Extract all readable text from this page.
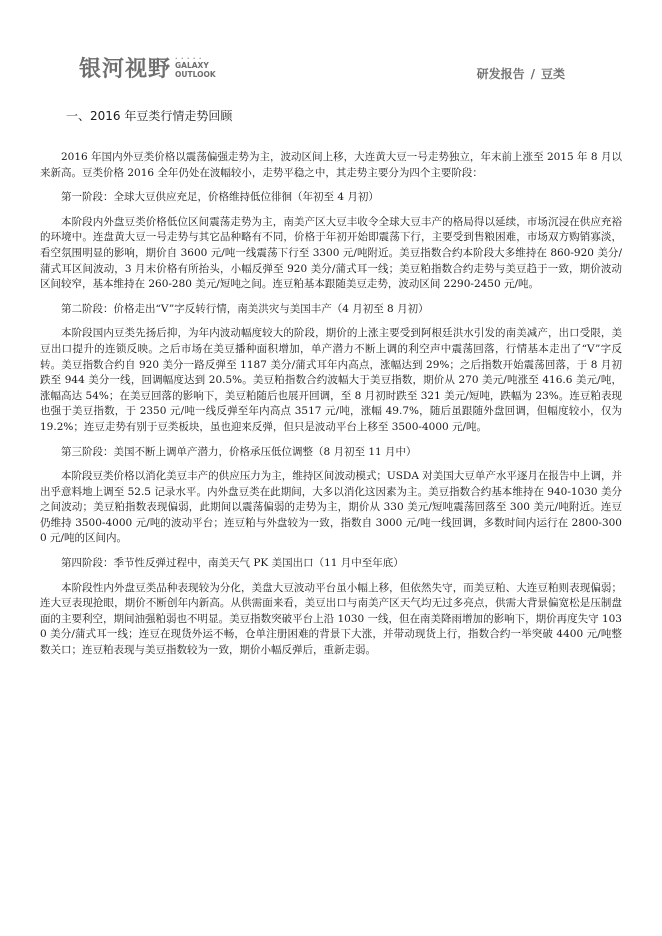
银河视野 • • • • •
GALAXY
OUTLOOK	研发报告 / 豆类
一、2016 年豆类行情走势回顾

2016 年国内外豆类价格以震荡偏强走势为主，波动区间上移，大连黄大豆一号走势独立，年末前上涨至 2015 年 8 月以来新高。豆类价格 2016 全年仍处在波幅较小，走势平稳之中，其走势主要分为四个主要阶段：

第一阶段：全球大豆供应充足，价格维持低位徘徊（年初至 4 月初）

本阶段内外盘豆类价格低位区间震荡走势为主，南美产区大豆丰收令全球大豆丰产的格局得以延续，市场沉浸在供应充裕的环境中。连盘黄大豆一号走势与其它品种略有不同，价格于年初开始即震荡下行，主要受到售粮困难，市场双方购销寡淡，看空氛围明显的影响，期价自 3600 元/吨一线震荡下行至 3300 元/吨附近。美豆指数合约本阶段大多维持在 860-920 美分/蒲式耳区间波动，3 月末价格有所抬头，小幅反弹至 920 美分/蒲式耳一线；美豆粕指数合约走势与美豆趋于一致，期价波动区间较窄，基本维持在 260-280 美元/短吨之间。连豆粕基本跟随美豆走势，波动区间 2290-2450 元/吨。

第二阶段：价格走出“V”字反转行情，南美洪灾与美国丰产（4 月初至 8 月初）

本阶段国内豆类先扬后抑，为年内波动幅度较大的阶段，期价的上涨主要受到阿根廷洪水引发的南美减产，出口受限，美豆出口提升的连锁反映。之后市场在美豆播种面积增加，单产潜力不断上调的利空声中震荡回落，行情基本走出了“V”字反转。美豆指数合约自 920 美分一路反弹至 1187 美分/蒲式耳年内高点，涨幅达到 29%；之后指数开始震荡回落，于 8 月初跌至 944 美分一线，回调幅度达到 20.5%。美豆粕指数合约波幅大于美豆指数，期价从 270 美元/吨涨至 416.6 美元/吨，涨幅高达 54%；在美豆回落的影响下，美豆粕随后也展开回调，至 8 月初时跌至 321 美元/短吨，跌幅为 23%。连豆粕表现也强于美豆指数，于 2350 元/吨一线反弹至年内高点 3517 元/吨，涨幅 49.7%，随后虽跟随外盘回调，但幅度较小，仅为 19.2%；连豆走势有别于豆类板块，虽也迎来反弹，但只是波动平台上移至 3500-4000 元/吨。

第三阶段：美国不断上调单产潜力，价格承压低位调整（8 月初至 11 月中）

本阶段豆类价格以消化美豆丰产的供应压力为主，维持区间波动模式；USDA 对美国大豆单产水平逐月在报告中上调，并出乎意料地上调至 52.5 记录水平。内外盘豆类在此期间，大多以消化这因素为主。美豆指数合约基本维持在 940-1030 美分之间波动；美豆粕指数表现偏弱，此期间以震荡偏弱的走势为主，期价从 330 美元/短吨震荡回落至 300 美元/吨附近。连豆仍维持 3500-4000 元/吨的波动平台；连豆粕与外盘较为一致，指数自 3000 元/吨一线回调，多数时间内运行在 2800-3000 元/吨的区间内。

第四阶段：季节性反弹过程中，南美天气 PK 美国出口（11 月中至年底）

本阶段性内外盘豆类品种表现较为分化，美盘大豆波动平台虽小幅上移，但依然失守，而美豆粕、大连豆粕则表现偏弱；连大豆表现抢眼，期价不断创年内新高。从供需面来看，美豆出口与南美产区天气均无过多亮点，供需大背景偏宽松是压制盘面的主要利空，期间油强粕弱也不明显。美豆指数突破平台上沿 1030 一线，但在南美降雨增加的影响下，期价再度失守 1030 美分/蒲式耳一线；连豆在现货外运不畅，仓单注册困难的背景下大涨，并带动现货上行，指数合约一举突破 4400 元/吨整数关口；连豆粕表现与美豆指数较为一致，期价小幅反弹后，重新走弱。
